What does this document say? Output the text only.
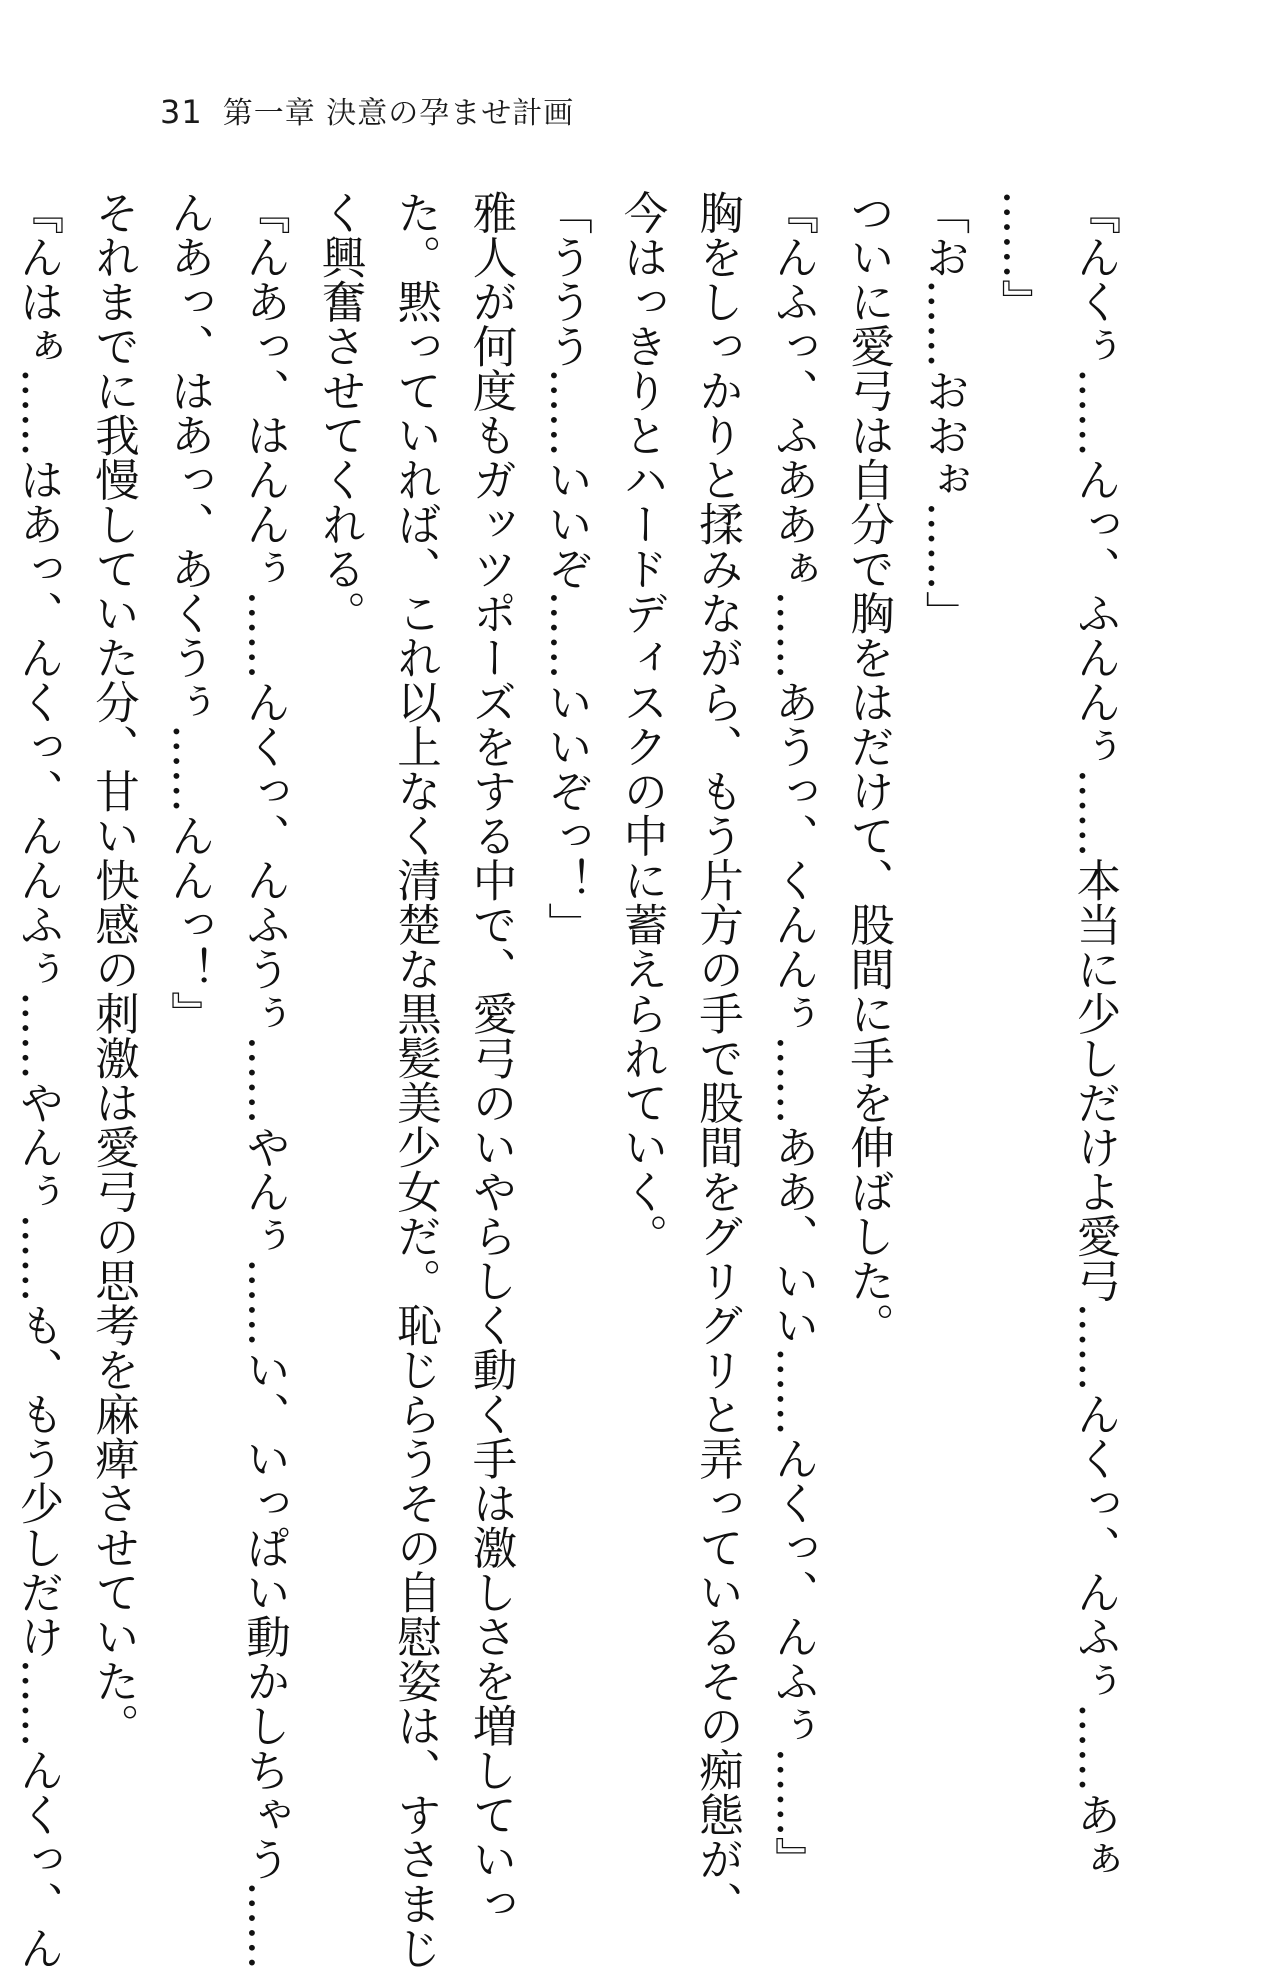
31 第一章 決意の孕ませ計画
『んくぅ……んっ、ふんんぅ……本当に少しだけよ愛弓……んくっ、んふぅ……あぁ
……』
「お……おおぉ……」
ついに愛弓は自分で胸をはだけて、股間に手を伸ばした。
『んふっ、ふああぁ……あうっ、くんんぅ……ああ、いい……んくっ、んふぅ……』
胸をしっかりと揉みながら、もう片方の手で股間をグリグリと弄っているその痴態が、
今はっきりとハードディスクの中に蓄えられていく。
「ううう……いいぞ……いいぞっ！」
雅人が何度もガッツポーズをする中で、愛弓のいやらしく動く手は激しさを増していっ
た。黙っていれば、これ以上なく清楚な黒髪美少女だ。恥じらうその自慰姿は、すさまじ
く興奮させてくれる。
『んあっ、はんんぅ……んくっ、んふうぅ……やんぅ……い、いっぱい動かしちゃう……
んあっ、はあっ、あくうぅ……んんっ！』
それまでに我慢していた分、甘い快感の刺激は愛弓の思考を麻痺させていた。
『んはぁ……はあっ、んくっ、んんふぅ……やんぅ……も、もう少しだけ……んくっ、ん
